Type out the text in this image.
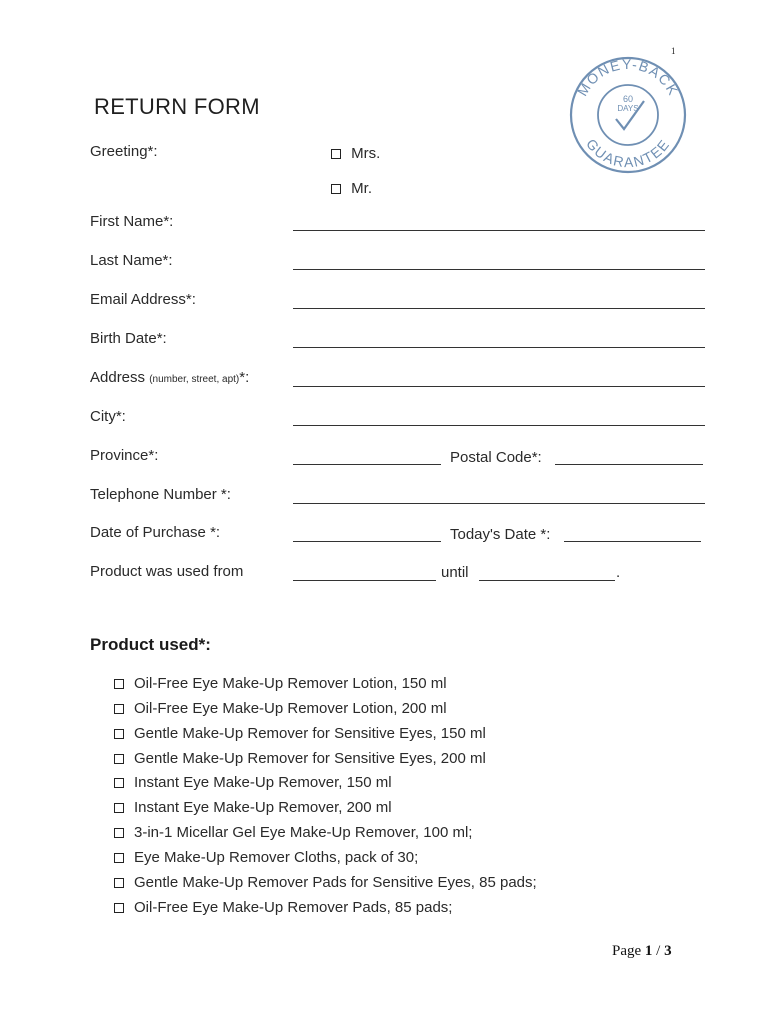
1
MONEY-BACK
GUARANTEE
60
DAYS
RETURN FORM
Greeting*:	Mrs.
Mr.
First Name*:
Last Name*:
Email Address*:
Birth Date*:
Address (number, street, apt)*:
City*:
Province*:	Postal Code*:
Telephone Number *:
Date of Purchase *:	Today's Date *:
Product was used from	until	.
Product used*:
Oil-Free Eye Make-Up Remover Lotion, 150 ml
Oil-Free Eye Make-Up Remover Lotion, 200 ml
Gentle Make-Up Remover for Sensitive Eyes, 150 ml
Gentle Make-Up Remover for Sensitive Eyes, 200 ml
Instant Eye Make-Up Remover, 150 ml
Instant Eye Make-Up Remover, 200 ml
3-in-1 Micellar Gel Eye Make-Up Remover, 100 ml;
Eye Make-Up Remover Cloths, pack of 30;
Gentle Make-Up Remover Pads for Sensitive Eyes, 85 pads;
Oil-Free Eye Make-Up Remover Pads, 85 pads;
Page 1 / 3
